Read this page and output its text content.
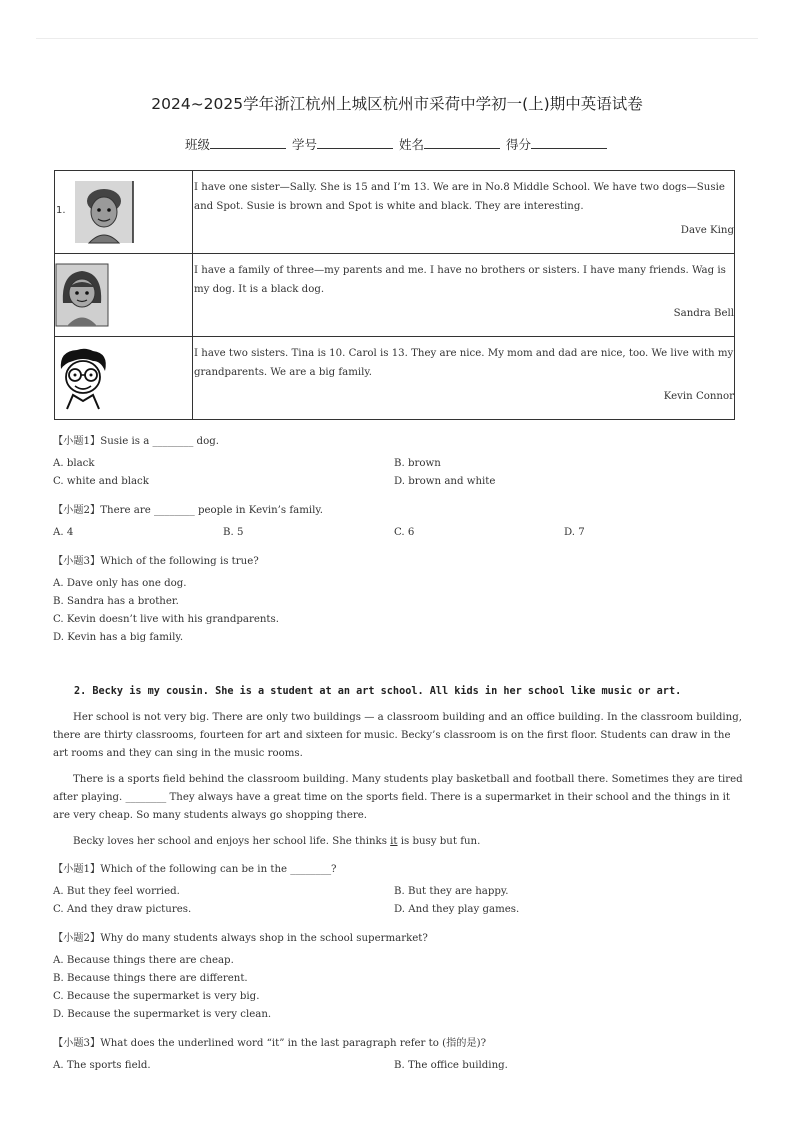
2024~2025学年浙江杭州上城区杭州市采荷中学初一(上)期中英语试卷
班级	学号	姓名	得分
1.	I have one sister—Sally. She is 15 and I’m 13. We are in No.8 Middle School. We have two dogs—Susie and Spot. Susie is brown and Spot is white and black. They are interesting.
Dave King

I have a family of three—my parents and me. I have no brothers or sisters. I have many friends. Wag is my dog. It is a black dog.
Sandra Bell

I have two sisters. Tina is 10. Carol is 13. They are nice. My mom and dad are nice, too. We live with my grandparents. We are a big family.
Kevin Connor
【小题1】Susie is a ________ dog.
A. black	B. brown
C. white and black	D. brown and white
【小题2】There are ________ people in Kevin’s family.
A. 4	B. 5	C. 6	D. 7
【小题3】Which of the following is true?
A. Dave only has one dog.
B. Sandra has a brother.
C. Kevin doesn’t live with his grandparents.
D. Kevin has a big family.
2. Becky is my cousin. She is a student at an art school. All kids in her school like music or art.
Her school is not very big. There are only two buildings — a classroom building and an office building. In the classroom building, there are thirty classrooms, fourteen for art and sixteen for music. Becky’s classroom is on the first floor. Students can draw in the art rooms and they can sing in the music rooms.
There is a sports field behind the classroom building. Many students play basketball and football there. Sometimes they are tired after playing. ________ They always have a great time on the sports field. There is a supermarket in their school and the things in it are very cheap. So many students always go shopping there.
Becky loves her school and enjoys her school life. She thinks it is busy but fun.
【小题1】Which of the following can be in the ________?
A. But they feel worried.	B. But they are happy.
C. And they draw pictures.	D. And they play games.
【小题2】Why do many students always shop in the school supermarket?
A. Because things there are cheap.
B. Because things there are different.
C. Because the supermarket is very big.
D. Because the supermarket is very clean.
【小题3】What does the underlined word “it” in the last paragraph refer to (指的是)?
A. The sports field.	B. The office building.
